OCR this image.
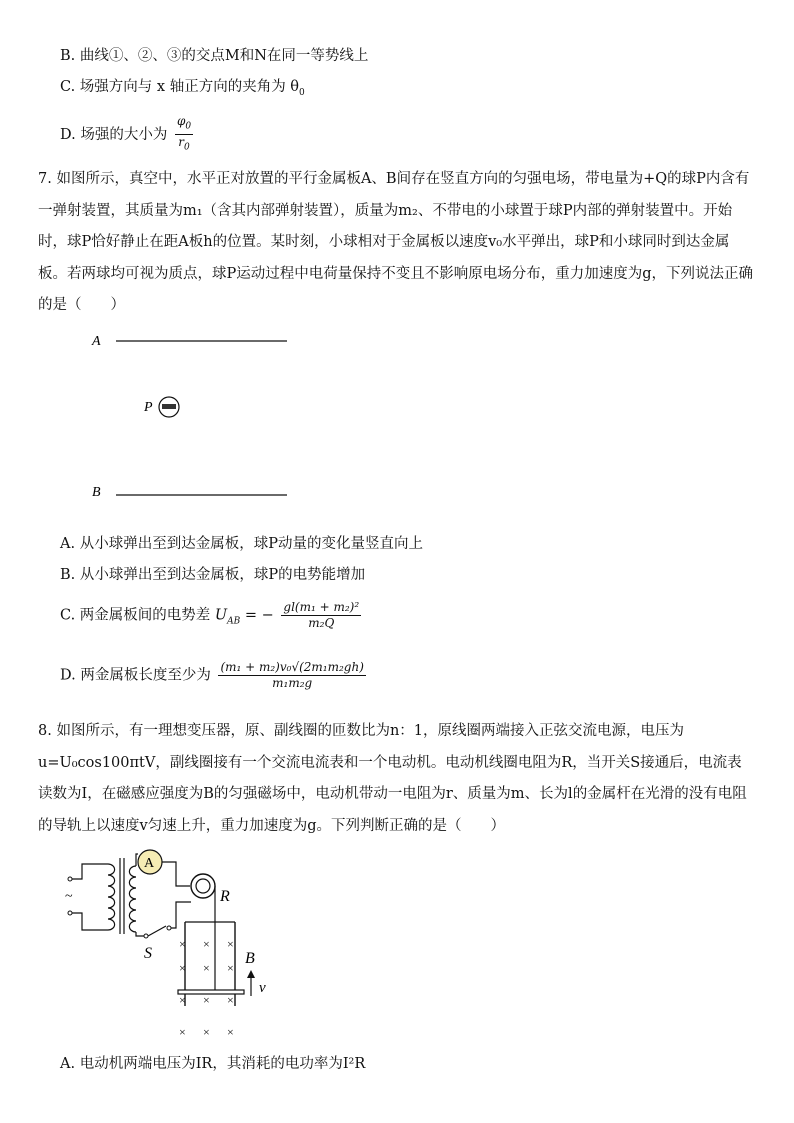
B. 曲线①、②、③的交点M和N在同一等势线上
C. 场强方向与 x 轴正方向的夹角为 $\theta_0$
D. 场强的大小为 $\frac{\varphi_0}{r_0}$
7. 如图所示，真空中，水平正对放置的平行金属板A、B间存在竖直方向的匀强电场，带电量为+Q的球P内含有一弹射装置，其质量为m₁（含其内部弹射装置），质量为m₂、不带电的小球置于球P内部的弹射装置中。开始时，球P恰好静止在距A板h的位置。某时刻，小球相对于金属板以速度v₀水平弹出，球P和小球同时到达金属板。若两球均可视为质点，球P运动过程中电荷量保持不变且不影响原电场分布，重力加速度为g，下列说法正确的是（　　）
A
P
B
A. 从小球弹出至到达金属板，球P动量的变化量竖直向上
B. 从小球弹出至到达金属板，球P的电势能增加
C. 两金属板间的电势差 $U_{AB}$ = − $\frac{\text{gl(m₁ + m₂)²}}{\text{m₂Q}}$
D. 两金属板长度至少为 $\frac{\text{(m₁ + m₂)v₀√(2m₁m₂gh)}}{\text{m₁m₂g}}$
8. 如图所示，有一理想变压器，原、副线圈的匝数比为n：1，原线圈两端接入正弦交流电源，电压为u=U₀cos100πtV，副线圈接有一个交流电流表和一个电动机。电动机线圈电阻为R，当开关S接通后，电流表读数为I，在磁感应强度为B的匀强磁场中，电动机带动一电阻为r、质量为m、长为l的金属杆在光滑的没有电阻的导轨上以速度v匀速上升，重力加速度为g。下列判断正确的是（　　）
~
A
R
S
× × ×
× × ×
× × ×
× × ×
B
v
A. 电动机两端电压为IR，其消耗的电功率为I²R
